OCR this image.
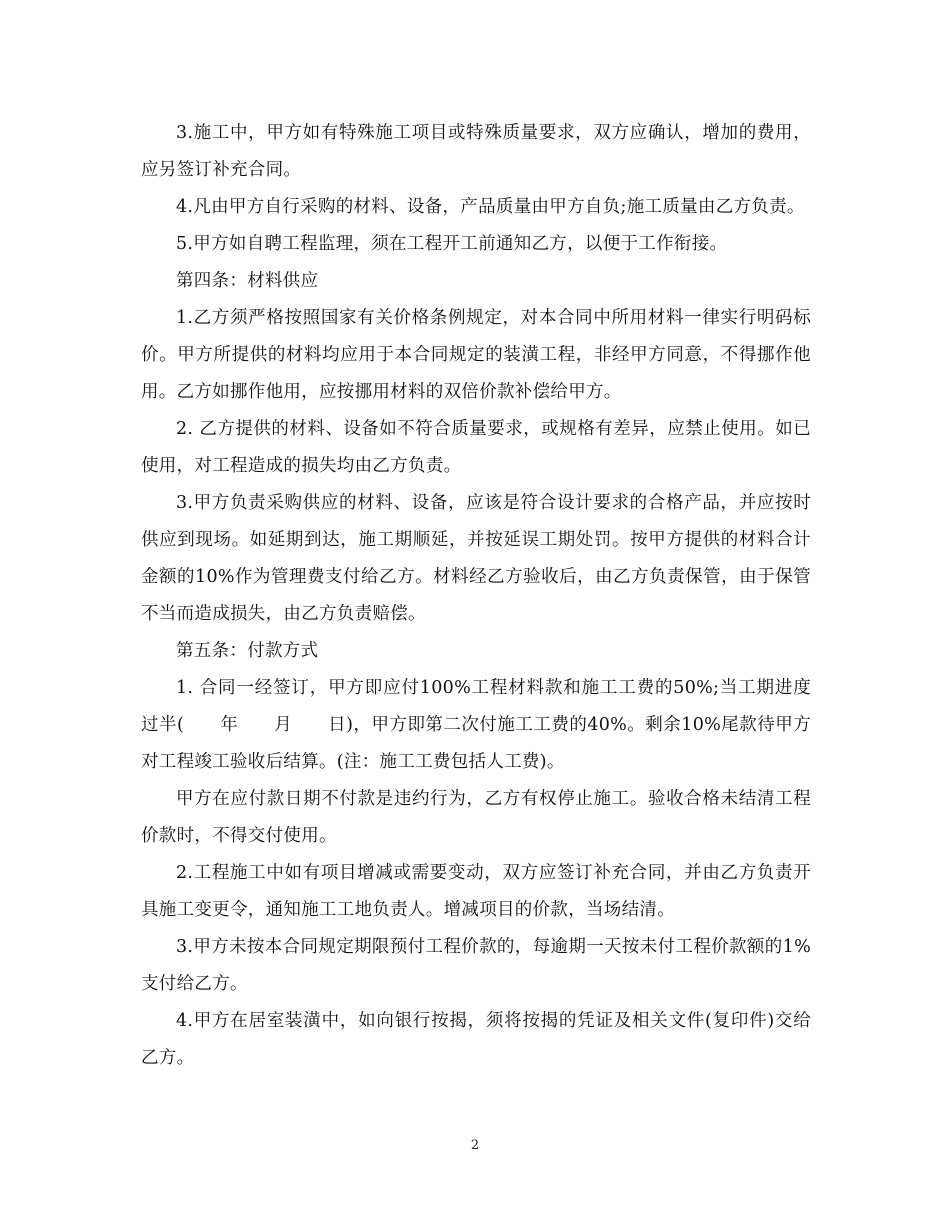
3.施工中，甲方如有特殊施工项目或特殊质量要求，双方应确认，增加的费用，应另签订补充合同。

4.凡由甲方自行采购的材料、设备，产品质量由甲方自负;施工质量由乙方负责。

5.甲方如自聘工程监理，须在工程开工前通知乙方，以便于工作衔接。

第四条：材料供应

1.乙方须严格按照国家有关价格条例规定，对本合同中所用材料一律实行明码标价。甲方所提供的材料均应用于本合同规定的装潢工程，非经甲方同意，不得挪作他用。乙方如挪作他用，应按挪用材料的双倍价款补偿给甲方。

2. 乙方提供的材料、设备如不符合质量要求，或规格有差异，应禁止使用。如已使用，对工程造成的损失均由乙方负责。

3.甲方负责采购供应的材料、设备，应该是符合设计要求的合格产品，并应按时供应到现场。如延期到达，施工期顺延，并按延误工期处罚。按甲方提供的材料合计金额的10%作为管理费支付给乙方。材料经乙方验收后，由乙方负责保管，由于保管不当而造成损失，由乙方负责赔偿。

第五条：付款方式

1. 合同一经签订，甲方即应付100%工程材料款和施工工费的50%;当工期进度过半(　　年　　月　　日)，甲方即第二次付施工工费的40%。剩余10%尾款待甲方对工程竣工验收后结算。(注：施工工费包括人工费)。

甲方在应付款日期不付款是违约行为，乙方有权停止施工。验收合格未结清工程价款时，不得交付使用。

2.工程施工中如有项目增减或需要变动，双方应签订补充合同，并由乙方负责开具施工变更令，通知施工工地负责人。增减项目的价款，当场结清。

3.甲方未按本合同规定期限预付工程价款的，每逾期一天按未付工程价款额的1%支付给乙方。

4.甲方在居室装潢中，如向银行按揭，须将按揭的凭证及相关文件(复印件)交给乙方。

2
